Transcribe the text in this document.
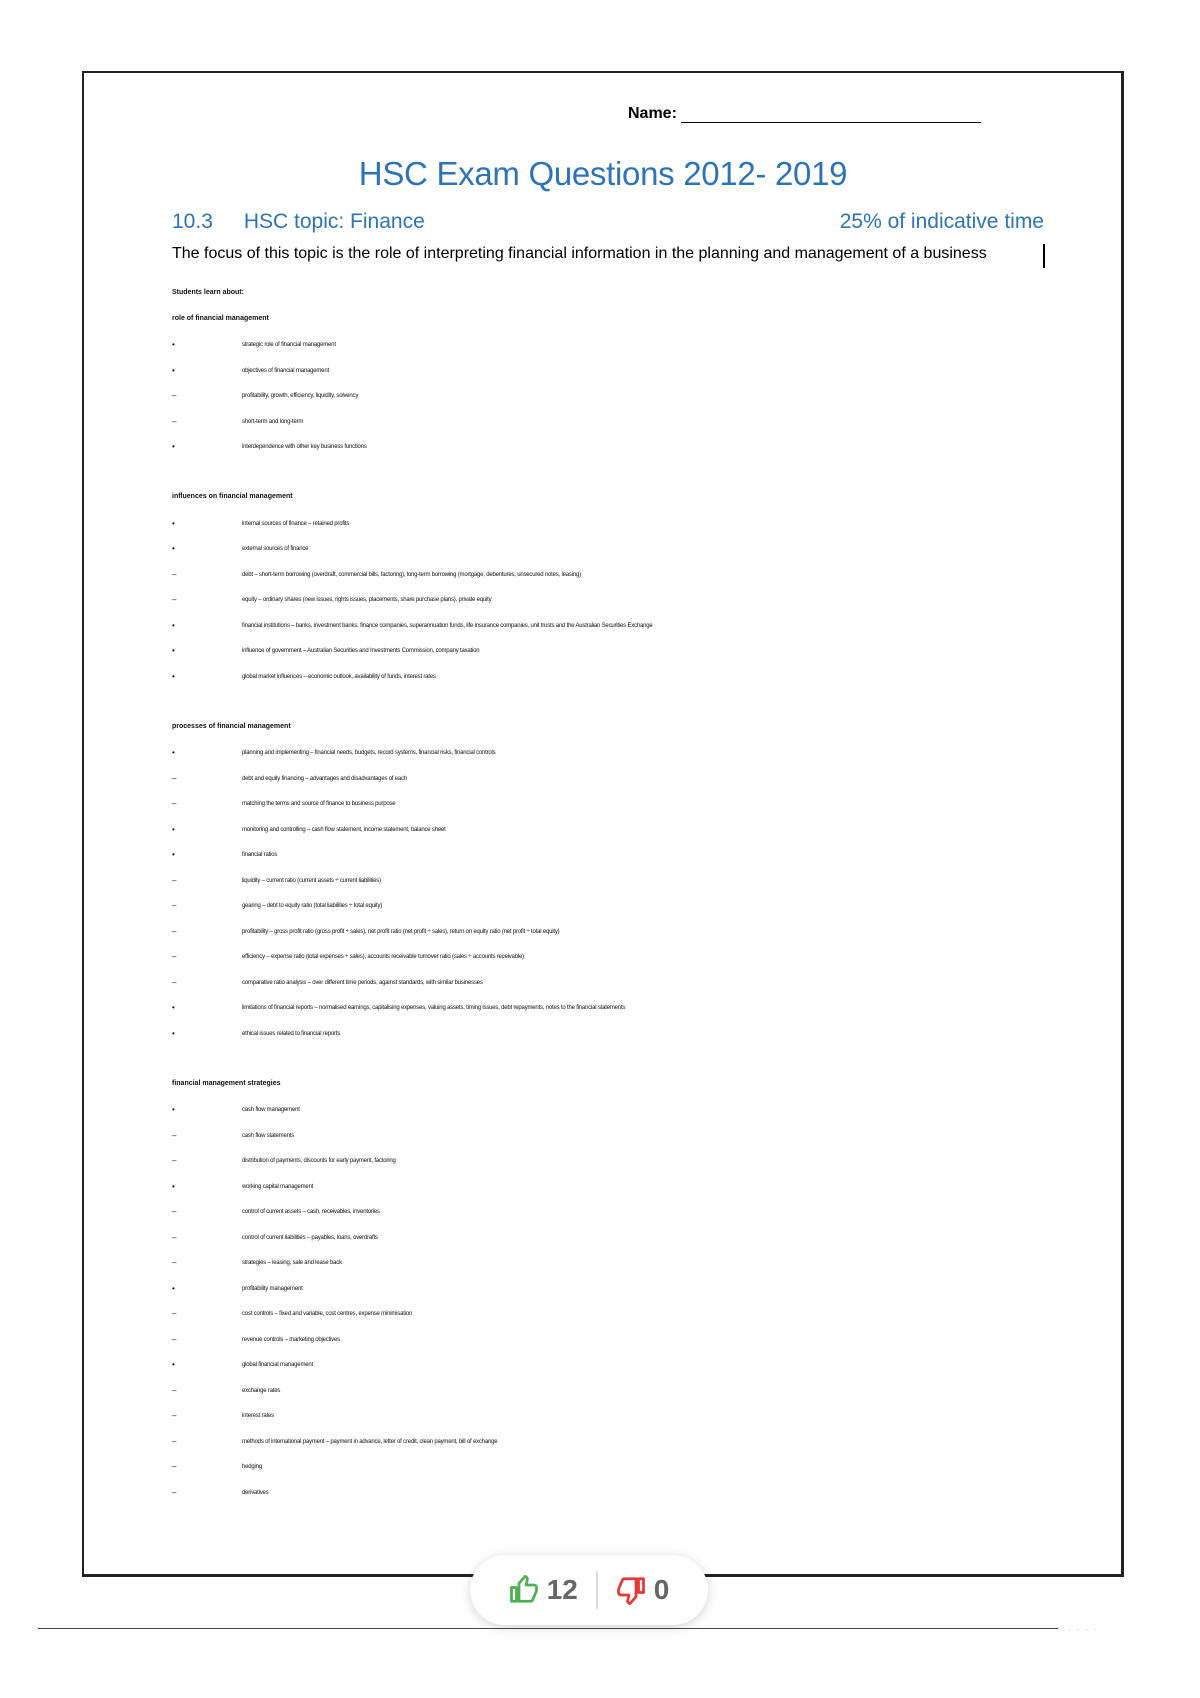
Name:
HSC Exam Questions 2012- 2019
10.3 HSC topic: Finance	25% of indicative time
The focus of this topic is the role of interpreting financial information in the planning and management of a business
Students learn about:
role of financial management
•	strategic role of financial management
•	objectives of financial management
–	profitability, growth, efficiency, liquidity, solvency
–	short-term and long-term
•	interdependence with other key business functions
influences on financial management
•	internal sources of finance – retained profits
•	external sources of finance
–	debt – short-term borrowing (overdraft, commercial bills, factoring), long-term borrowing (mortgage, debentures, unsecured notes, leasing)
–	equity – ordinary shares (new issues, rights issues, placements, share purchase plans), private equity
•	financial institutions – banks, investment banks, finance companies, superannuation funds, life insurance companies, unit trusts and the Australian Securities Exchange
•	influence of government – Australian Securities and Investments Commission, company taxation
•	global market influences – economic outlook, availability of funds, interest rates
processes of financial management
•	planning and implementing – financial needs, budgets, record systems, financial risks, financial controls
–	debt and equity financing – advantages and disadvantages of each
–	matching the terms and source of finance to business purpose
•	monitoring and controlling – cash flow statement, income statement, balance sheet
•	financial ratios
–	liquidity – current ratio (current assets ÷ current liabilities)
–	gearing – debt to equity ratio (total liabilities ÷ total equity)
–	profitability – gross profit ratio (gross profit ÷ sales), net profit ratio (net profit ÷ sales), return on equity ratio (net profit ÷ total equity)
–	efficiency – expense ratio (total expenses ÷ sales), accounts receivable turnover ratio (sales ÷ accounts receivable)
–	comparative ratio analysis – over different time periods, against standards, with similar businesses
•	limitations of financial reports – normalised earnings, capitalising expenses, valuing assets, timing issues, debt repayments, notes to the financial statements
•	ethical issues related to financial reports
financial management strategies
•	cash flow management
–	cash flow statements
–	distribution of payments, discounts for early payment, factoring
•	working capital management
–	control of current assets – cash, receivables, inventories
–	control of current liabilities – payables, loans, overdrafts
–	strategies – leasing, sale and lease back
•	profitability management
–	cost controls – fixed and variable, cost centres, expense minimisation
–	revenue controls – marketing objectives
•	global financial management
–	exchange rates
–	interest rates
–	methods of international payment – payment in advance, letter of credit, clean payment, bill of exchange
–	hedging
–	derivatives
12	0
····
